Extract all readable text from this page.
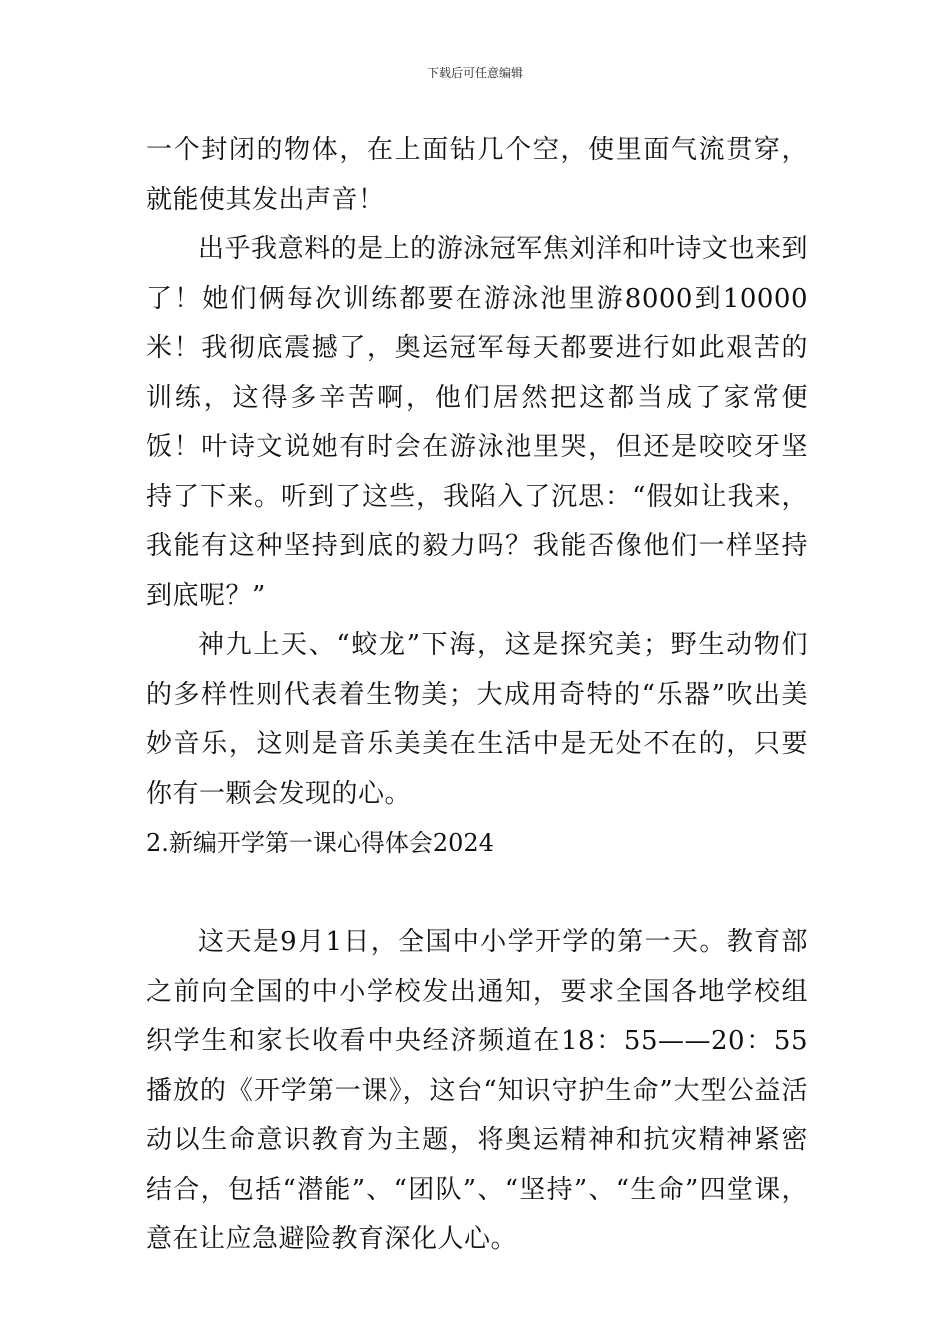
下载后可任意编辑

一个封闭的物体，在上面钻几个空，使里面气流贯穿，就能使其发出声音！

出乎我意料的是上的游泳冠军焦刘洋和叶诗文也来到了！她们俩每次训练都要在游泳池里游8000到10000米！我彻底震撼了，奥运冠军每天都要进行如此艰苦的训练，这得多辛苦啊，他们居然把这都当成了家常便饭！叶诗文说她有时会在游泳池里哭，但还是咬咬牙坚持了下来。听到了这些，我陷入了沉思：“假如让我来，我能有这种坚持到底的毅力吗？我能否像他们一样坚持到底呢？”

神九上天、“蛟龙”下海，这是探究美；野生动物们的多样性则代表着生物美；大成用奇特的“乐器”吹出美妙音乐，这则是音乐美美在生活中是无处不在的，只要你有一颗会发现的心。

2.新编开学第一课心得体会2024

这天是9月1日，全国中小学开学的第一天。教育部之前向全国的中小学校发出通知，要求全国各地学校组织学生和家长收看中央经济频道在18：55——20：55播放的《开学第一课》，这台“知识守护生命”大型公益活动以生命意识教育为主题，将奥运精神和抗灾精神紧密结合，包括“潜能”、“团队”、“坚持”、“生命”四堂课，意在让应急避险教育深化人心。
